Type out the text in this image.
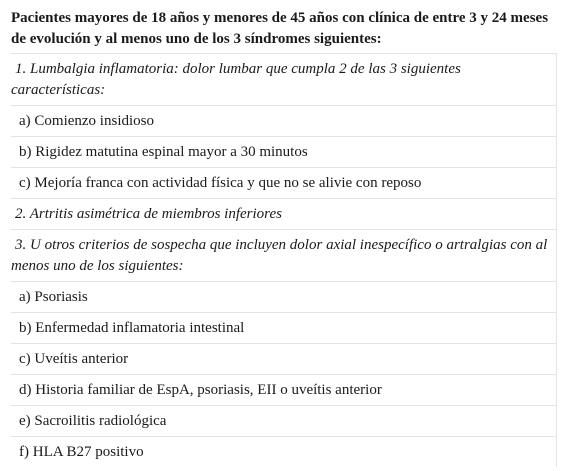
Pacientes mayores de 18 años y menores de 45 años con clínica de entre 3 y 24 meses de evolución y al menos uno de los 3 síndromes siguientes:
1. Lumbalgia inflamatoria: dolor lumbar que cumpla 2 de las 3 siguientes características:
a) Comienzo insidioso
b) Rigidez matutina espinal mayor a 30 minutos
c) Mejoría franca con actividad física y que no se alivie con reposo
2. Artritis asimétrica de miembros inferiores
3. U otros criterios de sospecha que incluyen dolor axial inespecífico o artralgias con al menos uno de los siguientes:
a) Psoriasis
b) Enfermedad inflamatoria intestinal
c) Uveítis anterior
d) Historia familiar de EspA, psoriasis, EII o uveítis anterior
e) Sacroilitis radiológica
f) HLA B27 positivo
